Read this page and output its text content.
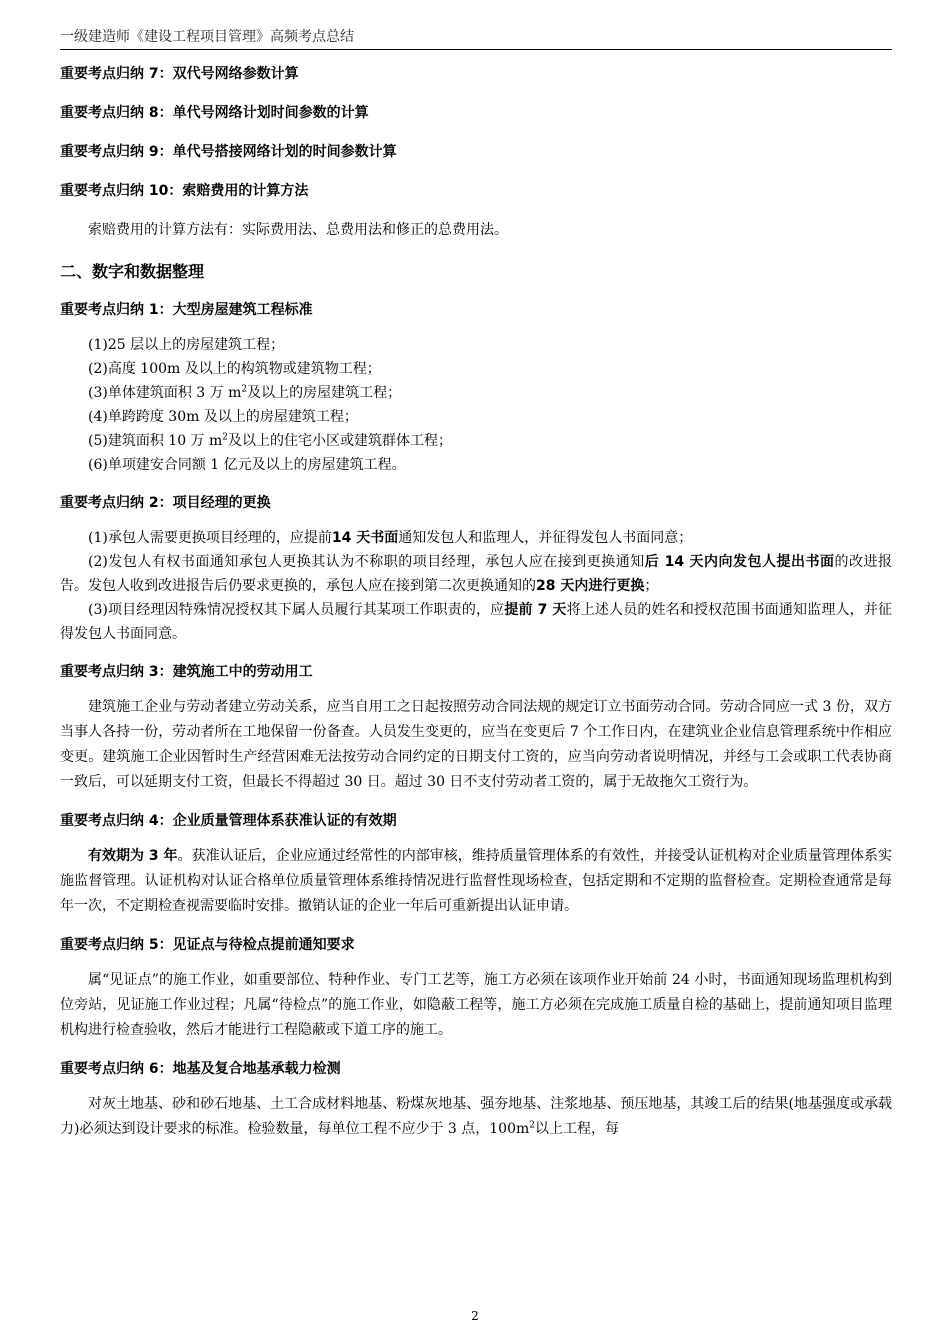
一级建造师《建设工程项目管理》高频考点总结

重要考点归纳 7：双代号网络参数计算

重要考点归纳 8：单代号网络计划时间参数的计算

重要考点归纳 9：单代号搭接网络计划的时间参数计算

重要考点归纳 10：索赔费用的计算方法

索赔费用的计算方法有：实际费用法、总费用法和修正的总费用法。

二、数字和数据整理

重要考点归纳 1：大型房屋建筑工程标准

(1)25 层以上的房屋建筑工程；

(2)高度 100m 及以上的构筑物或建筑物工程；

(3)单体建筑面积 3 万 $m^2$及以上的房屋建筑工程；

(4)单跨跨度 30m 及以上的房屋建筑工程；

(5)建筑面积 10 万 $m^2$及以上的住宅小区或建筑群体工程；

(6)单项建安合同额 1 亿元及以上的房屋建筑工程。

重要考点归纳 2：项目经理的更换

(1)承包人需要更换项目经理的，应提前14 天书面通知发包人和监理人，并征得发包人书面同意；

(2)发包人有权书面通知承包人更换其认为不称职的项目经理，承包人应在接到更换通知后 14 天内向发包人提出书面的改进报告。发包人收到改进报告后仍要求更换的，承包人应在接到第二次更换通知的28 天内进行更换；

(3)项目经理因特殊情况授权其下属人员履行其某项工作职责的，应提前 7 天将上述人员的姓名和授权范围书面通知监理人，并征得发包人书面同意。

重要考点归纳 3：建筑施工中的劳动用工

建筑施工企业与劳动者建立劳动关系，应当自用工之日起按照劳动合同法规的规定订立书面劳动合同。劳动合同应一式 3 份，双方当事人各持一份，劳动者所在工地保留一份备查。人员发生变更的，应当在变更后 7 个工作日内，在建筑业企业信息管理系统中作相应变更。建筑施工企业因暂时生产经营困难无法按劳动合同约定的日期支付工资的，应当向劳动者说明情况，并经与工会或职工代表协商一致后，可以延期支付工资，但最长不得超过 30 日。超过 30 日不支付劳动者工资的，属于无故拖欠工资行为。

重要考点归纳 4：企业质量管理体系获准认证的有效期

有效期为 3 年。获准认证后，企业应通过经常性的内部审核，维持质量管理体系的有效性，并接受认证机构对企业质量管理体系实施监督管理。认证机构对认证合格单位质量管理体系维持情况进行监督性现场检查，包括定期和不定期的监督检查。定期检查通常是每年一次，不定期检查视需要临时安排。撤销认证的企业一年后可重新提出认证申请。

重要考点归纳 5：见证点与待检点提前通知要求

属“见证点”的施工作业，如重要部位、特种作业、专门工艺等，施工方必须在该项作业开始前 24 小时，书面通知现场监理机构到位旁站，见证施工作业过程；凡属“待检点”的施工作业，如隐蔽工程等，施工方必须在完成施工质量自检的基础上，提前通知项目监理机构进行检查验收，然后才能进行工程隐蔽或下道工序的施工。

重要考点归纳 6：地基及复合地基承载力检测

对灰土地基、砂和砂石地基、土工合成材料地基、粉煤灰地基、强夯地基、注浆地基、预压地基，其竣工后的结果(地基强度或承载力)必须达到设计要求的标准。检验数量，每单位工程不应少于 3 点，$100m^2$以上工程，每

2
